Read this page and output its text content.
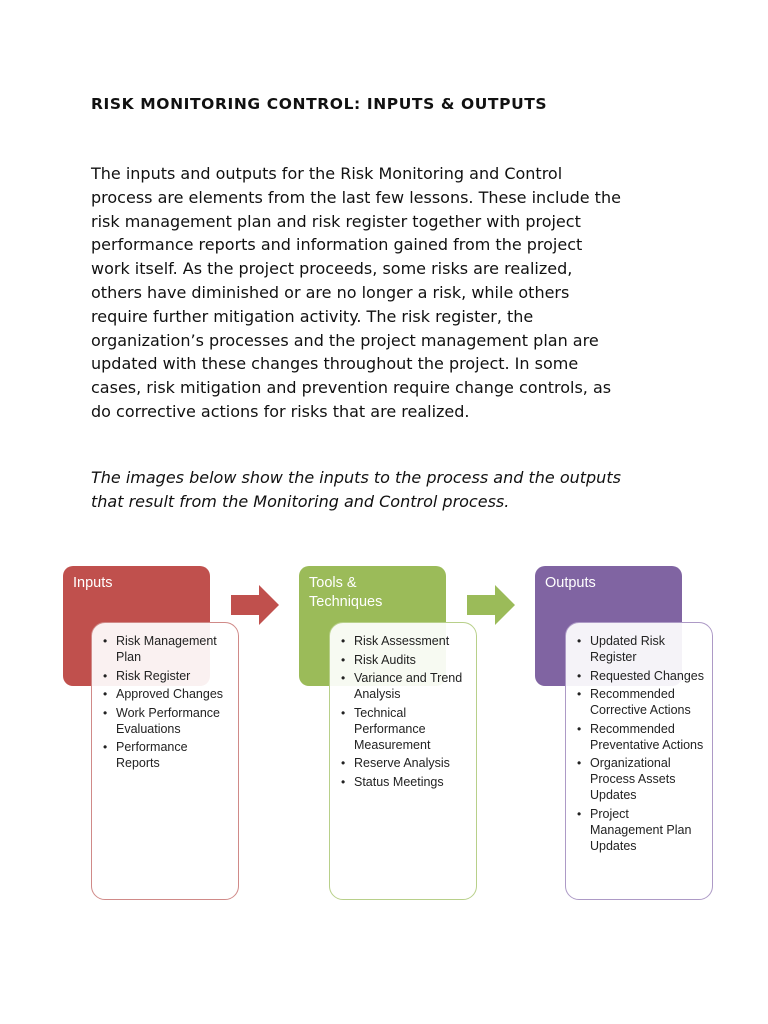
RISK MONITORING CONTROL: INPUTS & OUTPUTS
The inputs and outputs for the Risk Monitoring and Control
process are elements from the last few lessons. These include the
risk management plan and risk register together with project
performance reports and information gained from the project
work itself. As the project proceeds, some risks are realized,
others have diminished or are no longer a risk, while others
require further mitigation activity. The risk register, the
organization’s processes and the project management plan are
updated with these changes throughout the project. In some
cases, risk mitigation and prevention require change controls, as
do corrective actions for risks that are realized.
The images below show the inputs to the process and the outputs
that result from the Monitoring and Control process.
Inputs
• Risk Management Plan
• Risk Register
• Approved Changes
• Work Performance Evaluations
• Performance Reports
Tools &
Techniques
• Risk Assessment
• Risk Audits
• Variance and Trend Analysis
• Technical Performance Measurement
• Reserve Analysis
• Status Meetings
Outputs
• Updated Risk Register
• Requested Changes
• Recommended Corrective Actions
• Recommended Preventative Actions
• Organizational Process Assets Updates
• Project Management Plan Updates
